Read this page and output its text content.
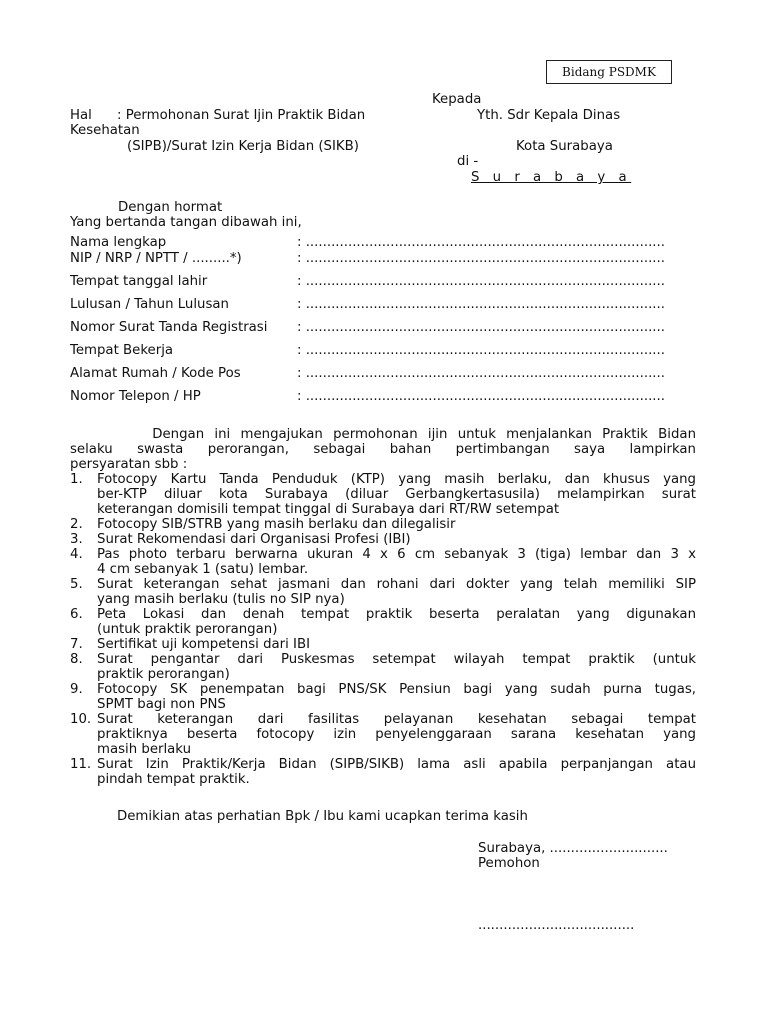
Bidang PSDMK
Kepada
Hal : Permohonan Surat Ijin Praktik Bidan	Yth. Sdr Kepala Dinas
Kesehatan
(SIPB)/Surat Izin Kerja Bidan (SIKB)	Kota Surabaya
di -
S u r a b a y a
Dengan hormat
Yang bertanda tangan dibawah ini,
Nama lengkap	: .....................................................................................
NIP / NRP / NPTT / .........*)	: .....................................................................................
Tempat tanggal lahir	: .....................................................................................
Lulusan / Tahun Lulusan	: .....................................................................................
Nomor Surat Tanda Registrasi : .....................................................................................
Tempat Bekerja	: .....................................................................................
Alamat Rumah / Kode Pos	: .....................................................................................
Nomor Telepon / HP	: .....................................................................................
Dengan ini mengajukan permohonan ijin untuk menjalankan Praktik Bidan
selaku swasta perorangan, sebagai bahan pertimbangan saya lampirkan
persyaratan sbb :
1. Fotocopy Kartu Tanda Penduduk (KTP) yang masih berlaku, dan khusus yang
ber-KTP diluar kota Surabaya (diluar Gerbangkertasusila) melampirkan surat
keterangan domisili tempat tinggal di Surabaya dari RT/RW setempat
2. Fotocopy SIB/STRB yang masih berlaku dan dilegalisir
3. Surat Rekomendasi dari Organisasi Profesi (IBI)
4. Pas photo terbaru berwarna ukuran 4 x 6 cm sebanyak 3 (tiga) lembar dan 3 x
4 cm sebanyak 1 (satu) lembar.
5. Surat keterangan sehat jasmani dan rohani dari dokter yang telah memiliki SIP
yang masih berlaku (tulis no SIP nya)
6. Peta Lokasi dan denah tempat praktik beserta peralatan yang digunakan
(untuk praktik perorangan)
7. Sertifikat uji kompetensi dari IBI
8. Surat pengantar dari Puskesmas setempat wilayah tempat praktik (untuk
praktik perorangan)
9. Fotocopy SK penempatan bagi PNS/SK Pensiun bagi yang sudah purna tugas,
SPMT bagi non PNS
10. Surat keterangan dari fasilitas pelayanan kesehatan sebagai tempat
praktiknya beserta fotocopy izin penyelenggaraan sarana kesehatan yang
masih berlaku
11. Surat Izin Praktik/Kerja Bidan (SIPB/SIKB) lama asli apabila perpanjangan atau
pindah tempat praktik.
Demikian atas perhatian Bpk / Ibu kami ucapkan terima kasih
Surabaya, ............................
Pemohon
.....................................
